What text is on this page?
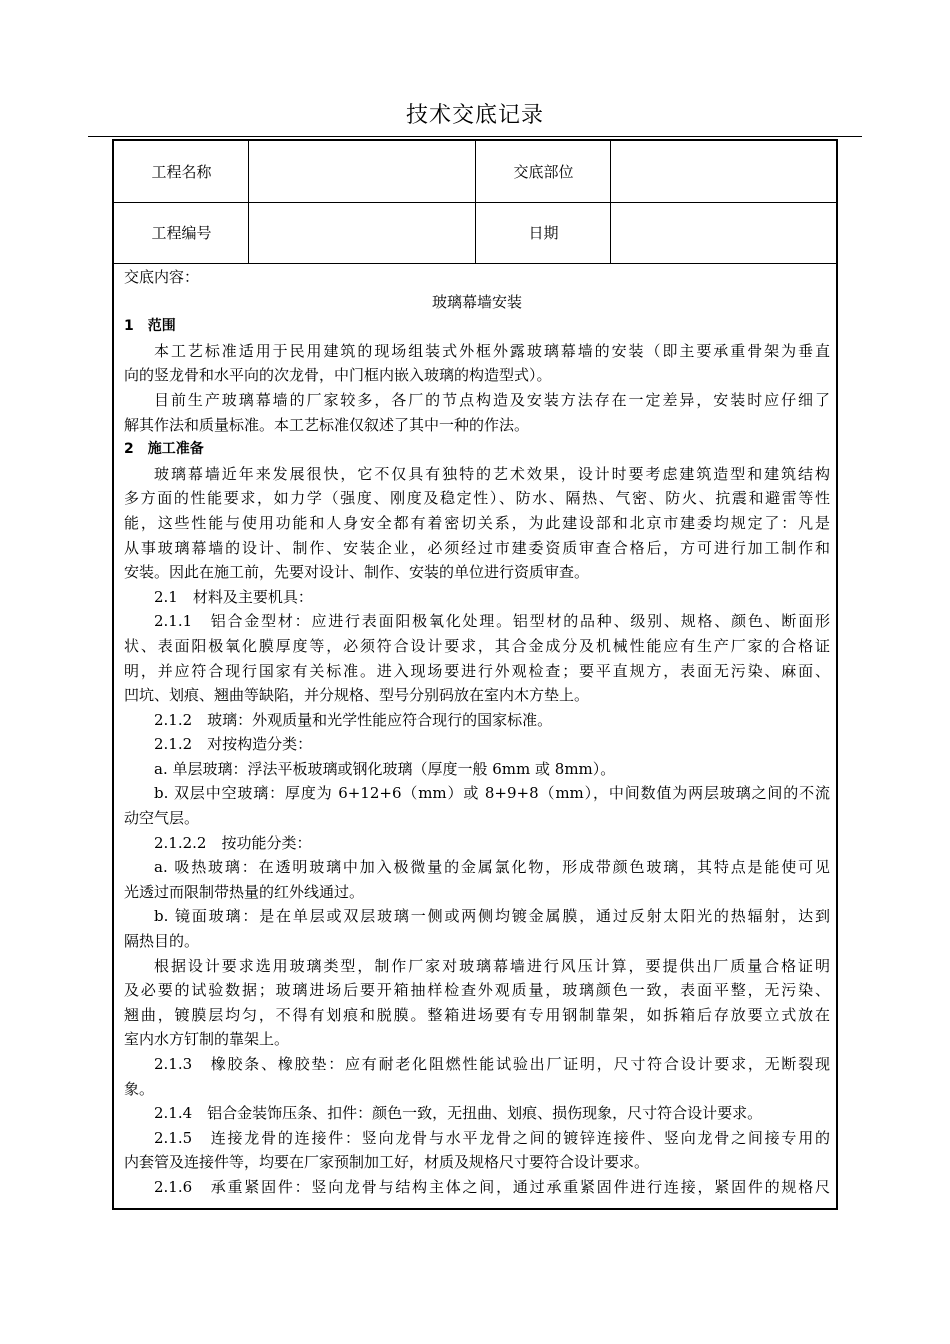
技术交底记录
工程名称	交底部位
工程编号	日期
交底内容：
玻璃幕墙安装
1　范围
本工艺标准适用于民用建筑的现场组装式外框外露玻璃幕墙的安装（即主要承重骨架为垂直
向的竖龙骨和水平向的次龙骨，中门框内嵌入玻璃的构造型式）。
目前生产玻璃幕墙的厂家较多，各厂的节点构造及安装方法存在一定差异，安装时应仔细了
解其作法和质量标准。本工艺标准仅叙述了其中一种的作法。
2　施工准备
玻璃幕墙近年来发展很快，它不仅具有独特的艺术效果，设计时要考虑建筑造型和建筑结构
多方面的性能要求，如力学（强度、刚度及稳定性）、防水、隔热、气密、防火、抗震和避雷等性
能，这些性能与使用功能和人身安全都有着密切关系，为此建设部和北京市建委均规定了：凡是
从事玻璃幕墙的设计、制作、安装企业，必须经过市建委资质审查合格后，方可进行加工制作和
安装。因此在施工前，先要对设计、制作、安装的单位进行资质审查。
2.1　材料及主要机具：
2.1.1　铝合金型材：应进行表面阳极氧化处理。铝型材的品种、级别、规格、颜色、断面形
状、表面阳极氧化膜厚度等，必须符合设计要求，其合金成分及机械性能应有生产厂家的合格证
明，并应符合现行国家有关标准。进入现场要进行外观检查；要平直规方，表面无污染、麻面、
凹坑、划痕、翘曲等缺陷，并分规格、型号分别码放在室内木方垫上。
2.1.2　玻璃：外观质量和光学性能应符合现行的国家标准。
2.1.2　对按构造分类：
a. 单层玻璃：浮法平板玻璃或钢化玻璃（厚度一般 6mm 或 8mm）。
b. 双层中空玻璃：厚度为 6+12+6（mm）或 8+9+8（mm），中间数值为两层玻璃之间的不流
动空气层。
2.1.2.2　按功能分类：
a. 吸热玻璃：在透明玻璃中加入极微量的金属氯化物，形成带颜色玻璃，其特点是能使可见
光透过而限制带热量的红外线通过。
b. 镜面玻璃：是在单层或双层玻璃一侧或两侧均镀金属膜，通过反射太阳光的热辐射，达到
隔热目的。
根据设计要求选用玻璃类型，制作厂家对玻璃幕墙进行风压计算，要提供出厂质量合格证明
及必要的试验数据；玻璃进场后要开箱抽样检查外观质量，玻璃颜色一致，表面平整，无污染、
翘曲，镀膜层均匀，不得有划痕和脱膜。整箱进场要有专用钢制靠架，如拆箱后存放要立式放在
室内水方钉制的靠架上。
2.1.3　橡胶条、橡胶垫：应有耐老化阻燃性能试验出厂证明，尺寸符合设计要求，无断裂现
象。
2.1.4　铝合金装饰压条、扣件：颜色一致，无扭曲、划痕、损伤现象，尺寸符合设计要求。
2.1.5　连接龙骨的连接件：竖向龙骨与水平龙骨之间的镀锌连接件、竖向龙骨之间接专用的
内套管及连接件等，均要在厂家预制加工好，材质及规格尺寸要符合设计要求。
2.1.6　承重紧固件：竖向龙骨与结构主体之间，通过承重紧固件进行连接，紧固件的规格尺
